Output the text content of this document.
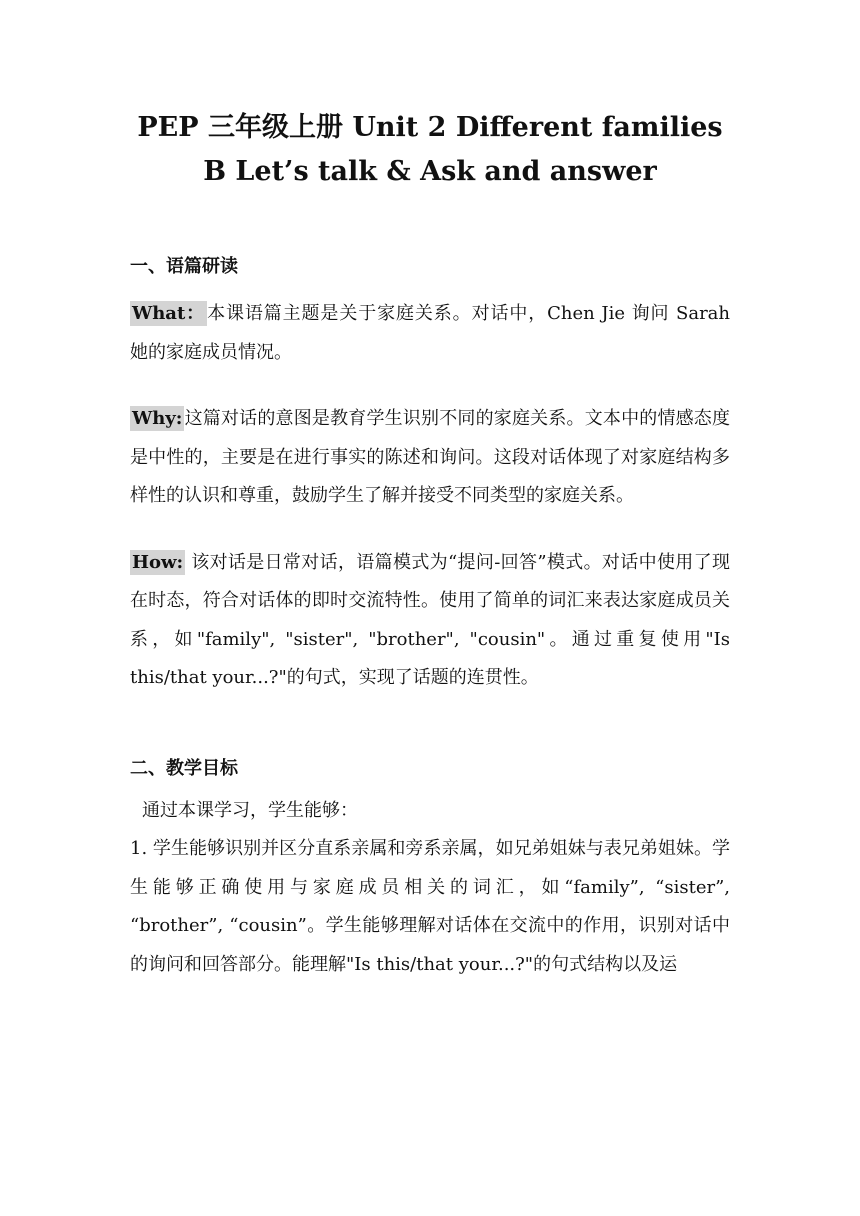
PEP 三年级上册 Unit 2 Different families
B Let’s talk & Ask and answer
一、语篇研读

What： 本课语篇主题是关于家庭关系。对话中，Chen Jie 询问 Sarah 她的家庭成员情况。

Why: 这篇对话的意图是教育学生识别不同的家庭关系。文本中的情感态度是中性的，主要是在进行事实的陈述和询问。这段对话体现了对家庭结构多样性的认识和尊重，鼓励学生了解并接受不同类型的家庭关系。

How: 该对话是日常对话，语篇模式为“提问-回答”模式。对话中使用了现在时态，符合对话体的即时交流特性。使用了简单的词汇来表达家庭成员关系，如"family", "sister", "brother", "cousin"。通过重复使用"Is this/that your...?"的句式，实现了话题的连贯性。

二、教学目标

通过本课学习，学生能够：

1. 学生能够识别并区分直系亲属和旁系亲属，如兄弟姐妹与表兄弟姐妹。学生能够正确使用与家庭成员相关的词汇，如“family”, “sister”, “brother”, “cousin”。学生能够理解对话体在交流中的作用，识别对话中的询问和回答部分。能理解"Is this/that your...?"的句式结构以及运
